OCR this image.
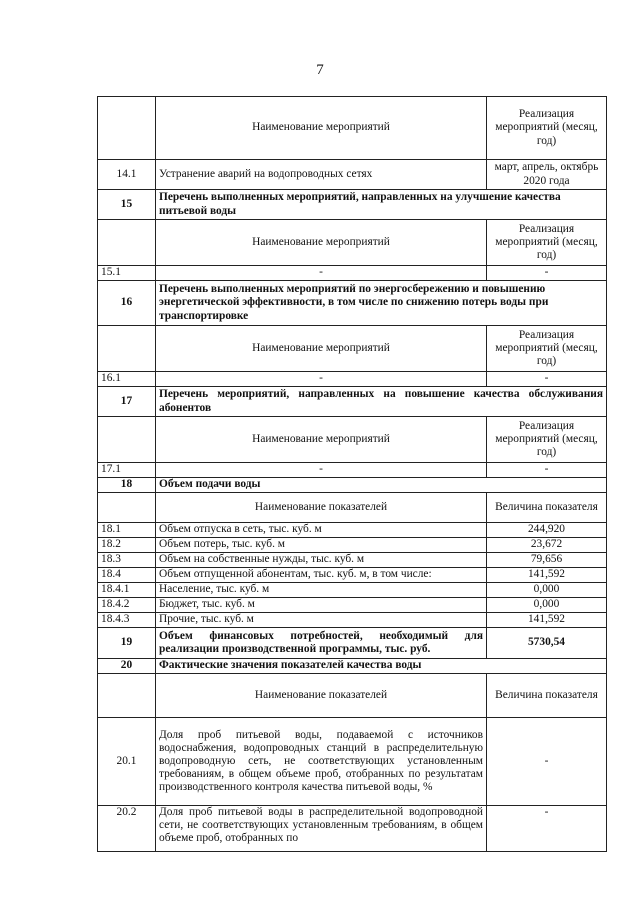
7
	Наименование мероприятий	Реализация мероприятий (месяц, год)
14.1	Устранение аварий на водопроводных сетях	март, апрель, октябрь 2020 года
15	Перечень выполненных мероприятий, направленных на улучшение качества питьевой воды	
	Наименование мероприятий	Реализация мероприятий (месяц, год)
15.1	-	-
16	Перечень выполненных мероприятий по энергосбережению и повышению энергетической эффективности, в том числе по снижению потерь воды при транспортировке	
	Наименование мероприятий	Реализация мероприятий (месяц, год)
16.1	-	-
17	Перечень мероприятий, направленных на повышение качества обслуживания абонентов	
	Наименование мероприятий	Реализация мероприятий (месяц, год)
17.1	-	-
18	Объем подачи воды	
	Наименование показателей	Величина показателя
18.1	Объем отпуска в сеть, тыс. куб. м	244,920
18.2	Объем потерь, тыс. куб. м	23,672
18.3	Объем на собственные нужды, тыс. куб. м	79,656
18.4	Объем отпущенной абонентам, тыс. куб. м, в том числе:	141,592
18.4.1	Население, тыс. куб. м	0,000
18.4.2	Бюджет, тыс. куб. м	0,000
18.4.3	Прочие, тыс. куб. м	141,592
19	Объем финансовых потребностей, необходимый для реализации производственной программы, тыс. руб.	5730,54
20	Фактические значения показателей качества воды	
	Наименование показателей	Величина показателя
20.1	Доля проб питьевой воды, подаваемой с источников водоснабжения, водопроводных станций в распределительную водопроводную сеть, не соответствующих установленным требованиям, в общем объеме проб, отобранных по результатам производственного контроля качества питьевой воды, %	-
20.2	Доля проб питьевой воды в распределительной водопроводной сети, не соответствующих установленным требованиям, в общем объеме проб, отобранных по	-
